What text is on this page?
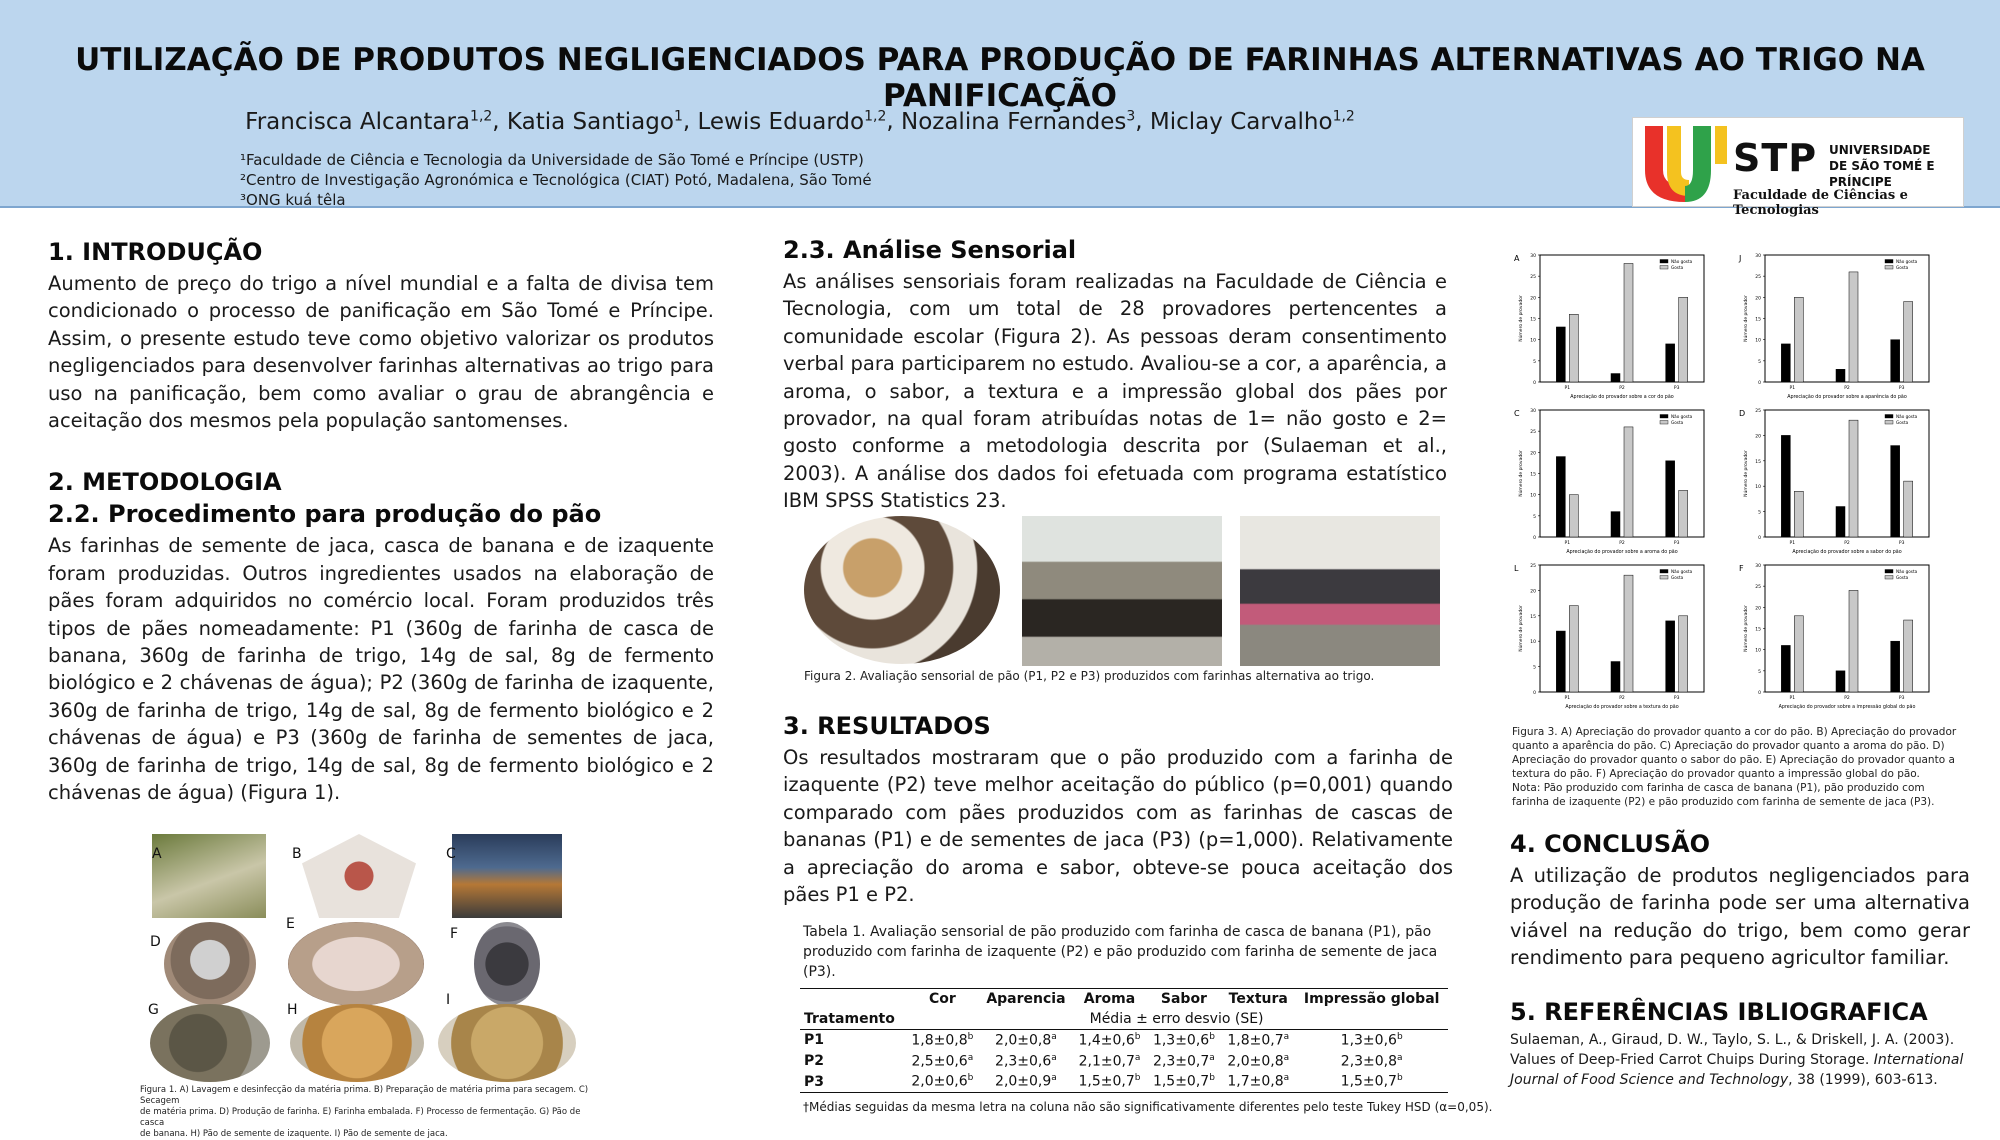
UTILIZAÇÃO DE PRODUTOS NEGLIGENCIADOS PARA PRODUÇÃO DE FARINHAS ALTERNATIVAS AO TRIGO NA PANIFICAÇÃO
Francisca Alcantara$^{1,2}$, Katia Santiago$^1$, Lewis Eduardo$^{1,2}$, Nozalina Fernandes$^3$, Miclay Carvalho$^{1,2}$
¹Faculdade de Ciência e Tecnologia da Universidade de São Tomé e Príncipe (USTP)
²Centro de Investigação Agronómica e Tecnológica (CIAT) Potó, Madalena, São Tomé
³ONG kuá têla
STP UNIVERSIDADE
DE SÃO TOMÉ E PRÍNCIPE
Faculdade de Ciências e Tecnologias
1. INTRODUÇÃO

Aumento de preço do trigo a nível mundial e a falta de divisa tem condicionado o processo de panificação em São Tomé e Príncipe. Assim, o presente estudo teve como objetivo valorizar os produtos negligenciados para desenvolver farinhas alternativas ao trigo para uso na panificação, bem como avaliar o grau de abrangência e aceitação dos mesmos pela população santomenses.

2. METODOLOGIA
2.2. Procedimento para produção do pão

As farinhas de semente de jaca, casca de banana e de izaquente foram produzidas. Outros ingredientes usados na elaboração de pães foram adquiridos no comércio local. Foram produzidos três tipos de pães nomeadamente: P1 (360g de farinha de casca de banana, 360g de farinha de trigo, 14g de sal, 8g de fermento biológico e 2 chávenas de água); P2 (360g de farinha de izaquente, 360g de farinha de trigo, 14g de sal, 8g de fermento biológico e 2 chávenas de água) e P3 (360g de farinha de sementes de jaca, 360g de farinha de trigo, 14g de sal, 8g de fermento biológico e 2 chávenas de água) (Figura 1).

A	B	C
D
E
F
G	H
I
Figura 1. A) Lavagem e desinfecção da matéria prima. B) Preparação de matéria prima para secagem. C) Secagem
de matéria prima. D) Produção de farinha. E) Farinha embalada. F) Processo de fermentação. G) Pão de casca
de banana. H) Pão de semente de izaquente. I) Pão de semente de jaca.
2.3. Análise Sensorial

As análises sensoriais foram realizadas na Faculdade de Ciência e Tecnologia, com um total de 28 provadores pertencentes a comunidade escolar (Figura 2). As pessoas deram consentimento verbal para participarem no estudo. Avaliou-se a cor, a aparência, a aroma, o sabor, a textura e a impressão global dos pães por provador, na qual foram atribuídas notas de 1= não gosto e 2= gosto conforme a metodologia descrita por (Sulaeman et al., 2003). A análise dos dados foi efetuada com programa estatístico IBM SPSS Statistics 23.

Figura 2. Avaliação sensorial de pão (P1, P2 e P3) produzidos com farinhas alternativa ao trigo.
3. RESULTADOS

Os resultados mostraram que o pão produzido com a farinha de izaquente (P2) teve melhor aceitação do público (p=0,001) quando comparado com pães produzidos com as farinhas de cascas de bananas (P1) e de sementes de jaca (P3) (p=1,000). Relativamente a apreciação do aroma e sabor, obteve-se pouca aceitação dos pães P1 e P2.

Tabela 1. Avaliação sensorial de pão produzido com farinha de casca de banana (P1), pão produzido com farinha de izaquente (P2) e pão produzido com farinha de semente de jaca (P3).
	Cor	Aparencia	Aroma	Sabor	Textura	Impressão global
Tratamento	Média ± erro desvio (SE)					
P1	1,8±0,8$^b$	2,0±0,8$^a$	1,4±0,6$^b$	1,3±0,6$^b$	1,8±0,7$^a$	1,3±0,6$^b$
P2	2,5±0,6$^a$	2,3±0,6$^a$	2,1±0,7$^a$	2,3±0,7$^a$	2,0±0,8$^a$	2,3±0,8$^a$
P3	2,0±0,6$^b$	2,0±0,9$^a$	1,5±0,7$^b$	1,5±0,7$^b$	1,7±0,8$^a$	1,5±0,7$^b$
†Médias seguidas da mesma letra na coluna não são significativamente diferentes pelo teste Tukey HSD (α=0,05).
A
0
5
10
15
20
25
30
Número de provador
P1	P2	P3
Apreciação do provador sobre a cor do pão
Não gosta
Gosta
J
0
5
10
15
20
25
30
Número de provador
P1	P2	P3
Apreciação do provador sobre a aparência do pão
Não gosta
Gosta
C
0
5
10
15
20
25
30
Número de provador
P1	P2	P3
Apreciação do provador sobre a aroma do pão
Não gosta
Gosta
D
0
5
10
15
20
25
Número de provador
P1	P2	P3
Apreciação do provador sobre a sabor do pão
Não gosta
Gosta
L
0
5
10
15
20
25
Número de provador
P1	P2	P3
Apreciação do provador sobre a textura do pão
Não gosta
Gosta
F
0
5
10
15
20
25
30
Número de provador
P1	P2	P3
Apreciação do provador sobre a impressão global do pão
Não gosta
Gosta
Figura 3. A) Apreciação do provador quanto a cor do pão. B) Apreciação do provador quanto a aparência do pão. C) Apreciação do provador quanto a aroma do pão. D) Apreciação do provador quanto o sabor do pão. E) Apreciação do provador quanto a textura do pão. F) Apreciação do provador quanto a impressão global do pão.
Nota: Pão produzido com farinha de casca de banana (P1), pão produzido com farinha de izaquente (P2) e pão produzido com farinha de semente de jaca (P3).
4. CONCLUSÃO

A utilização de produtos negligenciados para produção de farinha pode ser uma alternativa viável na redução do trigo, bem como gerar rendimento para pequeno agricultor familiar.

5. REFERÊNCIAS IBLIOGRAFICA

Sulaeman, A., Giraud, D. W., Taylo, S. L., & Driskell, J. A. (2003). Values of Deep-Fried Carrot Chuips During Storage. International Journal of Food Science and Technology, 38 (1999), 603-613.
